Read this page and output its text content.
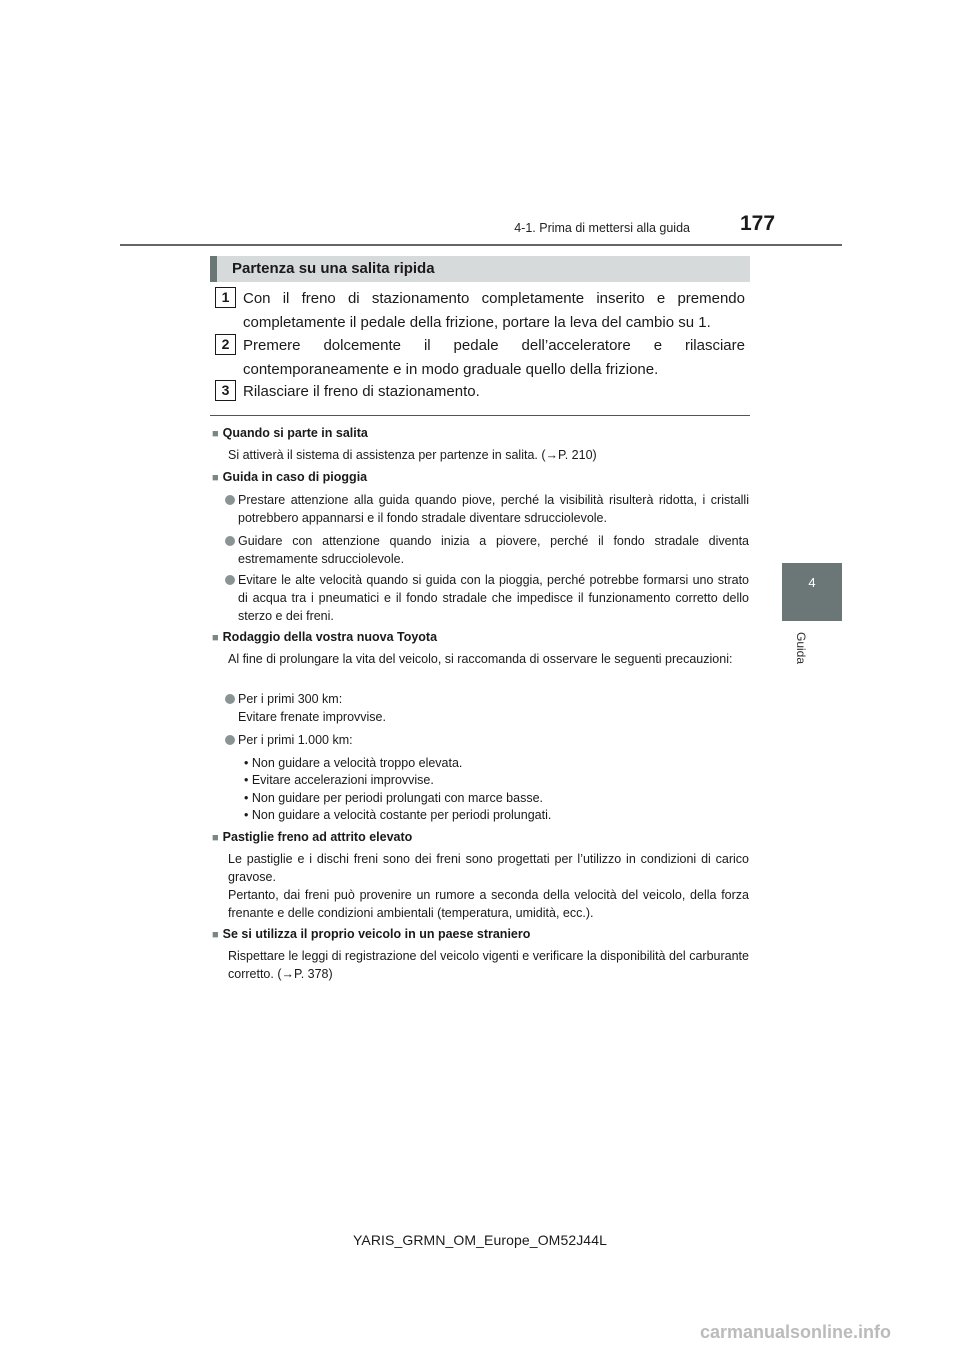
4-1. Prima di mettersi alla guida 177
4
Guida
Partenza su una salita ripida
1 Con il freno di stazionamento completamente inserito e premendo completamente il pedale della frizione, portare la leva del cambio su 1.
2 Premere dolcemente il pedale dell’acceleratore e rilasciare contemporaneamente e in modo graduale quello della frizione.
3 Rilasciare il freno di stazionamento.
■ Quando si parte in salita
Si attiverà il sistema di assistenza per partenze in salita. (→P. 210)
■ Guida in caso di pioggia
Prestare attenzione alla guida quando piove, perché la visibilità risulterà ridotta, i cristalli potrebbero appannarsi e il fondo stradale diventare sdrucciolevole.
Guidare con attenzione quando inizia a piovere, perché il fondo stradale diventa estremamente sdrucciolevole.
Evitare le alte velocità quando si guida con la pioggia, perché potrebbe formarsi uno strato di acqua tra i pneumatici e il fondo stradale che impedisce il funzionamento corretto dello sterzo e dei freni.
■ Rodaggio della vostra nuova Toyota
Al fine di prolungare la vita del veicolo, si raccomanda di osservare le seguenti precauzioni:
Per i primi 300 km:
Evitare frenate improvvise.
Per i primi 1.000 km:
• Non guidare a velocità troppo elevata.
• Evitare accelerazioni improvvise.
• Non guidare per periodi prolungati con marce basse.
• Non guidare a velocità costante per periodi prolungati.
■ Pastiglie freno ad attrito elevato
Le pastiglie e i dischi freni sono dei freni sono progettati per l’utilizzo in condizioni di carico gravose.
Pertanto, dai freni può provenire un rumore a seconda della velocità del veicolo, della forza frenante e delle condizioni ambientali (temperatura, umidità, ecc.).
■ Se si utilizza il proprio veicolo in un paese straniero
Rispettare le leggi di registrazione del veicolo vigenti e verificare la disponibilità del carburante corretto. (→P. 378)
YARIS_GRMN_OM_Europe_OM52J44L
carmanualsonline.info
